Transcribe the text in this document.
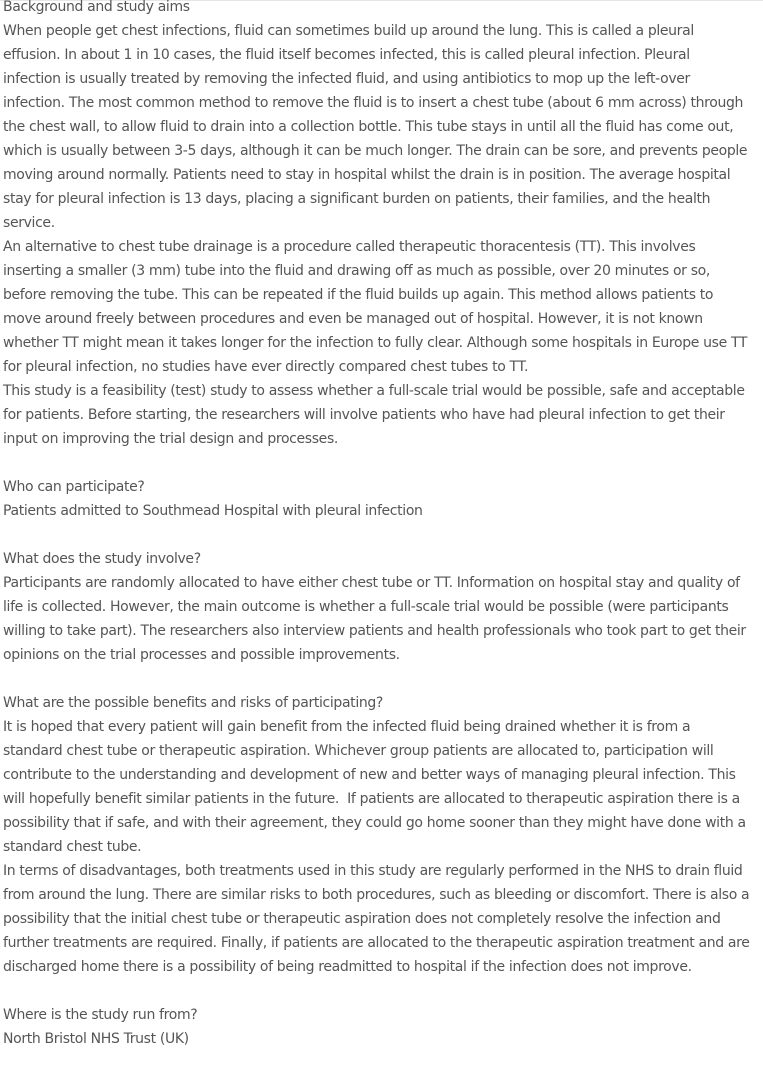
Background and study aims

When people get chest infections, fluid can sometimes build up around the lung. This is called a pleural effusion. In about 1 in 10 cases, the fluid itself becomes infected, this is called pleural infection. Pleural infection is usually treated by removing the infected fluid, and using antibiotics to mop up the left-over infection. The most common method to remove the fluid is to insert a chest tube (about 6 mm across) through the chest wall, to allow fluid to drain into a collection bottle. This tube stays in until all the fluid has come out, which is usually between 3-5 days, although it can be much longer. The drain can be sore, and prevents people moving around normally. Patients need to stay in hospital whilst the drain is in position. The average hospital stay for pleural infection is 13 days, placing a significant burden on patients, their families, and the health service.

An alternative to chest tube drainage is a procedure called therapeutic thoracentesis (TT). This involves inserting a smaller (3 mm) tube into the fluid and drawing off as much as possible, over 20 minutes or so, before removing the tube. This can be repeated if the fluid builds up again. This method allows patients to move around freely between procedures and even be managed out of hospital. However, it is not known whether TT might mean it takes longer for the infection to fully clear. Although some hospitals in Europe use TT for pleural infection, no studies have ever directly compared chest tubes to TT.

This study is a feasibility (test) study to assess whether a full-scale trial would be possible, safe and acceptable for patients. Before starting, the researchers will involve patients who have had pleural infection to get their input on improving the trial design and processes.

Who can participate?

Patients admitted to Southmead Hospital with pleural infection

What does the study involve?

Participants are randomly allocated to have either chest tube or TT. Information on hospital stay and quality of life is collected. However, the main outcome is whether a full-scale trial would be possible (were participants willing to take part). The researchers also interview patients and health professionals who took part to get their opinions on the trial processes and possible improvements.

What are the possible benefits and risks of participating?

It is hoped that every patient will gain benefit from the infected fluid being drained whether it is from a standard chest tube or therapeutic aspiration. Whichever group patients are allocated to, participation will contribute to the understanding and development of new and better ways of managing pleural infection. This will hopefully benefit similar patients in the future.  If patients are allocated to therapeutic aspiration there is a possibility that if safe, and with their agreement, they could go home sooner than they might have done with a standard chest tube.

In terms of disadvantages, both treatments used in this study are regularly performed in the NHS to drain fluid from around the lung. There are similar risks to both procedures, such as bleeding or discomfort. There is also a possibility that the initial chest tube or therapeutic aspiration does not completely resolve the infection and further treatments are required. Finally, if patients are allocated to the therapeutic aspiration treatment and are discharged home there is a possibility of being readmitted to hospital if the infection does not improve.

Where is the study run from?

North Bristol NHS Trust (UK)
